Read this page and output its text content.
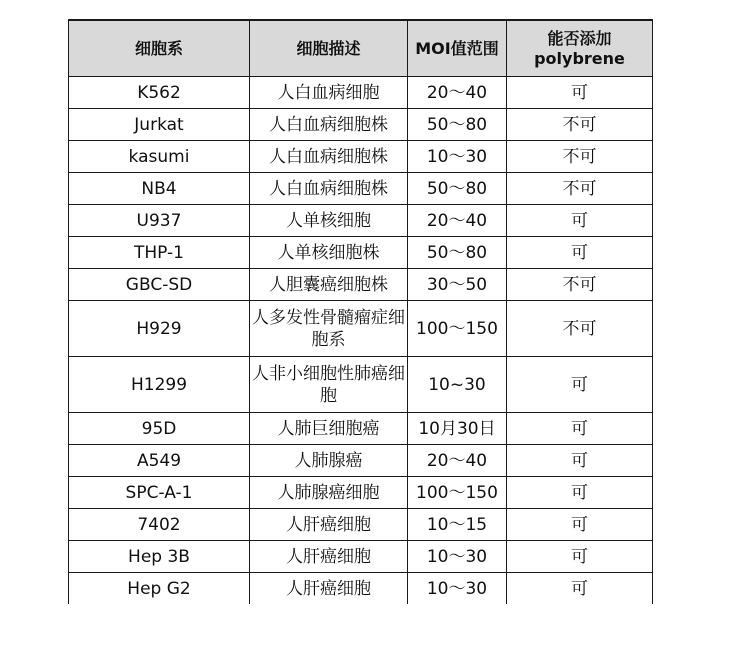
细胞系	细胞描述	MOI值范围	能否添加polybrene
K562	人白血病细胞	20～40	可
Jurkat	人白血病细胞株	50～80	不可
kasumi	人白血病细胞株	10～30	不可
NB4	人白血病细胞株	50～80	不可
U937	人单核细胞	20～40	可
THP-1	人单核细胞株	50～80	可
GBC-SD	人胆囊癌细胞株	30～50	不可
H929	人多发性骨髓瘤症细胞系	100～150	不可
H1299	人非小细胞性肺癌细胞	10~30	可
95D	人肺巨细胞癌	10月30日	可
A549	人肺腺癌	20～40	可
SPC-A-1	人肺腺癌细胞	100～150	可
7402	人肝癌细胞	10～15	可
Hep 3B	人肝癌细胞	10～30	可
Hep G2	人肝癌细胞	10～30	可
